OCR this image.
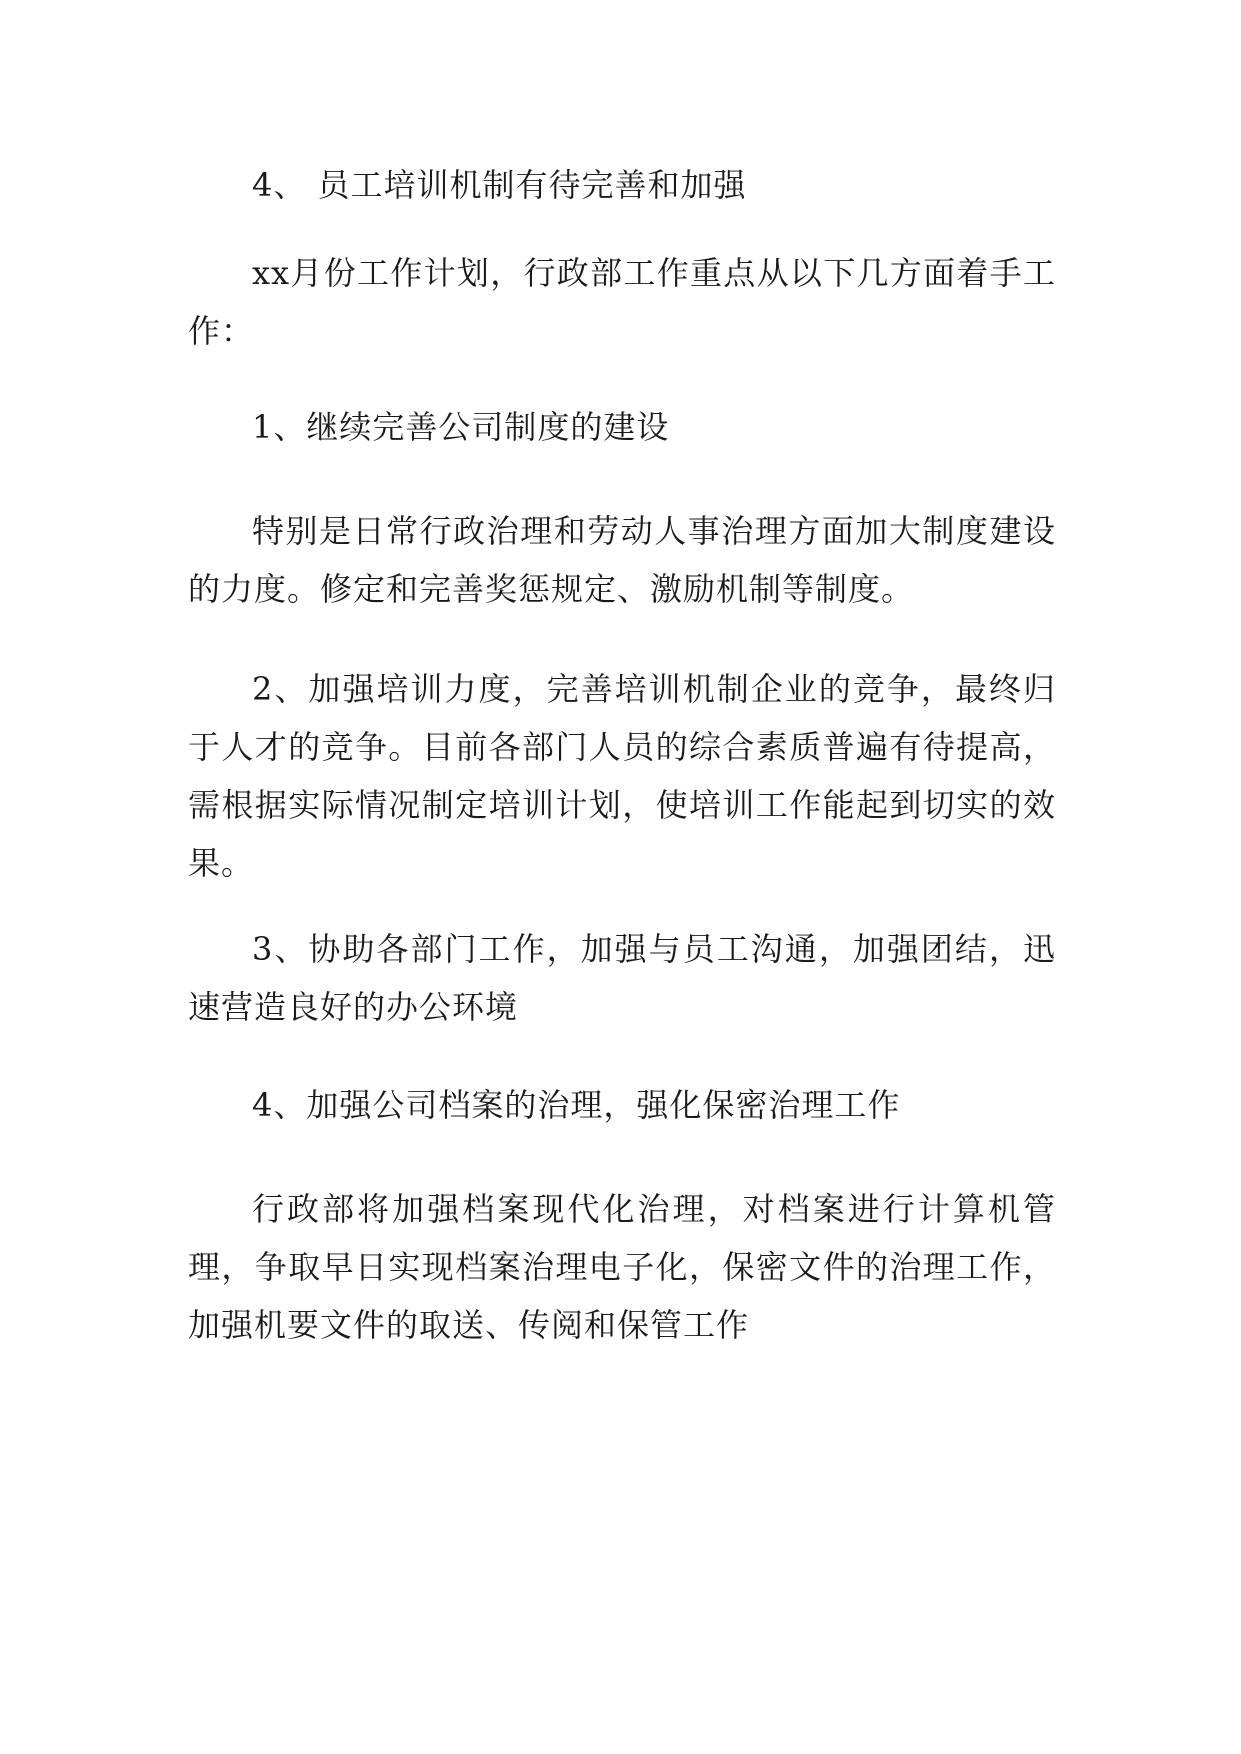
4、 员工培训机制有待完善和加强

xx月份工作计划，行政部工作重点从以下几方面着手工作：

1、继续完善公司制度的建设

特别是日常行政治理和劳动人事治理方面加大制度建设的力度。修定和完善奖惩规定、激励机制等制度。

2、加强培训力度，完善培训机制企业的竞争，最终归于人才的竞争。目前各部门人员的综合素质普遍有待提高，需根据实际情况制定培训计划，使培训工作能起到切实的效果。

3、协助各部门工作，加强与员工沟通，加强团结，迅速营造良好的办公环境

4、加强公司档案的治理，强化保密治理工作

行政部将加强档案现代化治理，对档案进行计算机管理，争取早日实现档案治理电子化，保密文件的治理工作，加强机要文件的取送、传阅和保管工作
